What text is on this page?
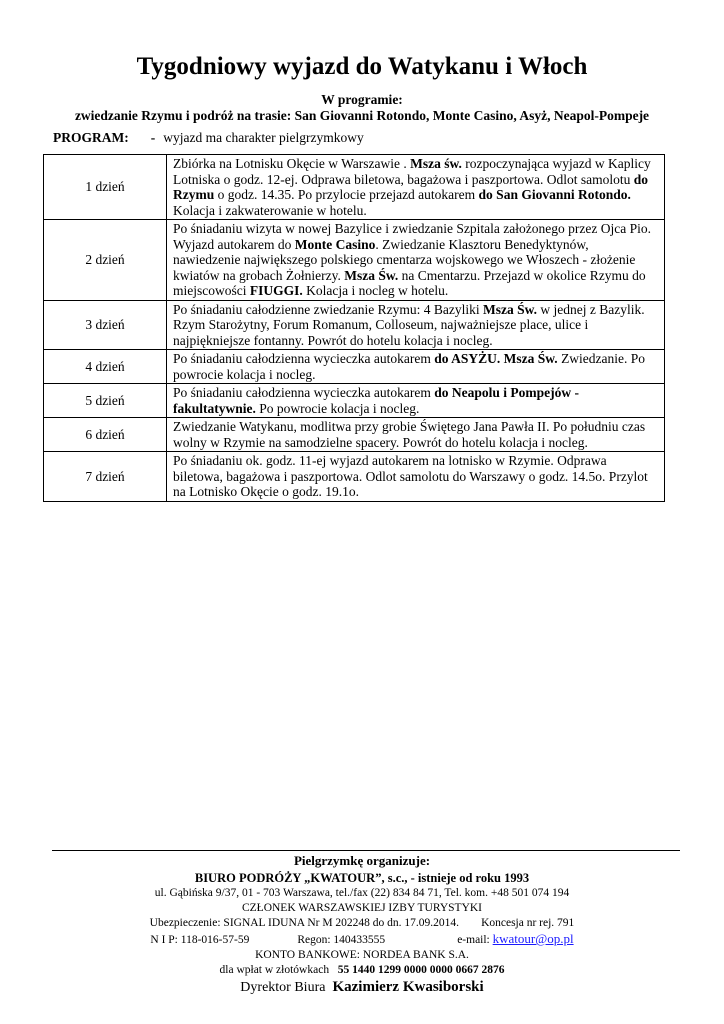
Tygodniowy wyjazd do Watykanu i Włoch
W programie:
zwiedzanie Rzymu i podróż na trasie: San Giovanni Rotondo, Monte Casino, Asyż, Neapol-Pompeje
PROGRAM: - wyjazd ma charakter pielgrzymkowy
1 dzień	Zbiórka na Lotnisku Okęcie w Warszawie . Msza św. rozpoczynająca wyjazd w Kaplicy Lotniska o godz. 12-ej. Odprawa biletowa, bagażowa i paszportowa. Odlot samolotu do Rzymu o godz. 14.35. Po przylocie przejazd autokarem do San Giovanni Rotondo. Kolacja i zakwaterowanie w hotelu.
2 dzień	Po śniadaniu wizyta w nowej Bazylice i zwiedzanie Szpitala założonego przez Ojca Pio. Wyjazd autokarem do Monte Casino. Zwiedzanie Klasztoru Benedyktynów, nawiedzenie największego polskiego cmentarza wojskowego we Włoszech - złożenie kwiatów na grobach Żołnierzy. Msza Św. na Cmentarzu. Przejazd w okolice Rzymu do miejscowości FIUGGI. Kolacja i nocleg w hotelu.
3 dzień	Po śniadaniu całodzienne zwiedzanie Rzymu: 4 Bazyliki Msza Św. w jednej z Bazylik. Rzym Starożytny, Forum Romanum, Colloseum, najważniejsze place, ulice i najpiękniejsze fontanny. Powrót do hotelu kolacja i nocleg.
4 dzień	Po śniadaniu całodzienna wycieczka autokarem do ASYŻU. Msza Św. Zwiedzanie. Po powrocie kolacja i nocleg.
5 dzień	Po śniadaniu całodzienna wycieczka autokarem do Neapolu i Pompejów - fakultatywnie. Po powrocie kolacja i nocleg.
6 dzień	Zwiedzanie Watykanu, modlitwa przy grobie Świętego Jana Pawła II. Po południu czas wolny w Rzymie na samodzielne spacery. Powrót do hotelu kolacja i nocleg.
7 dzień	Po śniadaniu ok. godz. 11-ej wyjazd autokarem na lotnisko w Rzymie. Odprawa biletowa, bagażowa i paszportowa. Odlot samolotu do Warszawy o godz. 14.5o. Przylot na Lotnisko Okęcie o godz. 19.1o.
Pielgrzymkę organizuje:
BIURO PODRÓŻY „KWATOUR”, s.c., - istnieje od roku 1993
ul. Gąbińska 9/37, 01 - 703 Warszawa, tel./fax (22) 834 84 71, Tel. kom. +48 501 074 194
CZŁONEK WARSZAWSKIEJ IZBY TURYSTYKI
Ubezpieczenie: SIGNAL IDUNA Nr M 202248 do dn. 17.09.2014. Koncesja nr rej. 791
N I P: 118-016-57-59	Regon: 140433555	e-mail: kwatour@op.pl
KONTO BANKOWE: NORDEA BANK S.A.
dla wpłat w złotówkach 55 1440 1299 0000 0000 0667 2876
Dyrektor Biura Kazimierz Kwasiborski
